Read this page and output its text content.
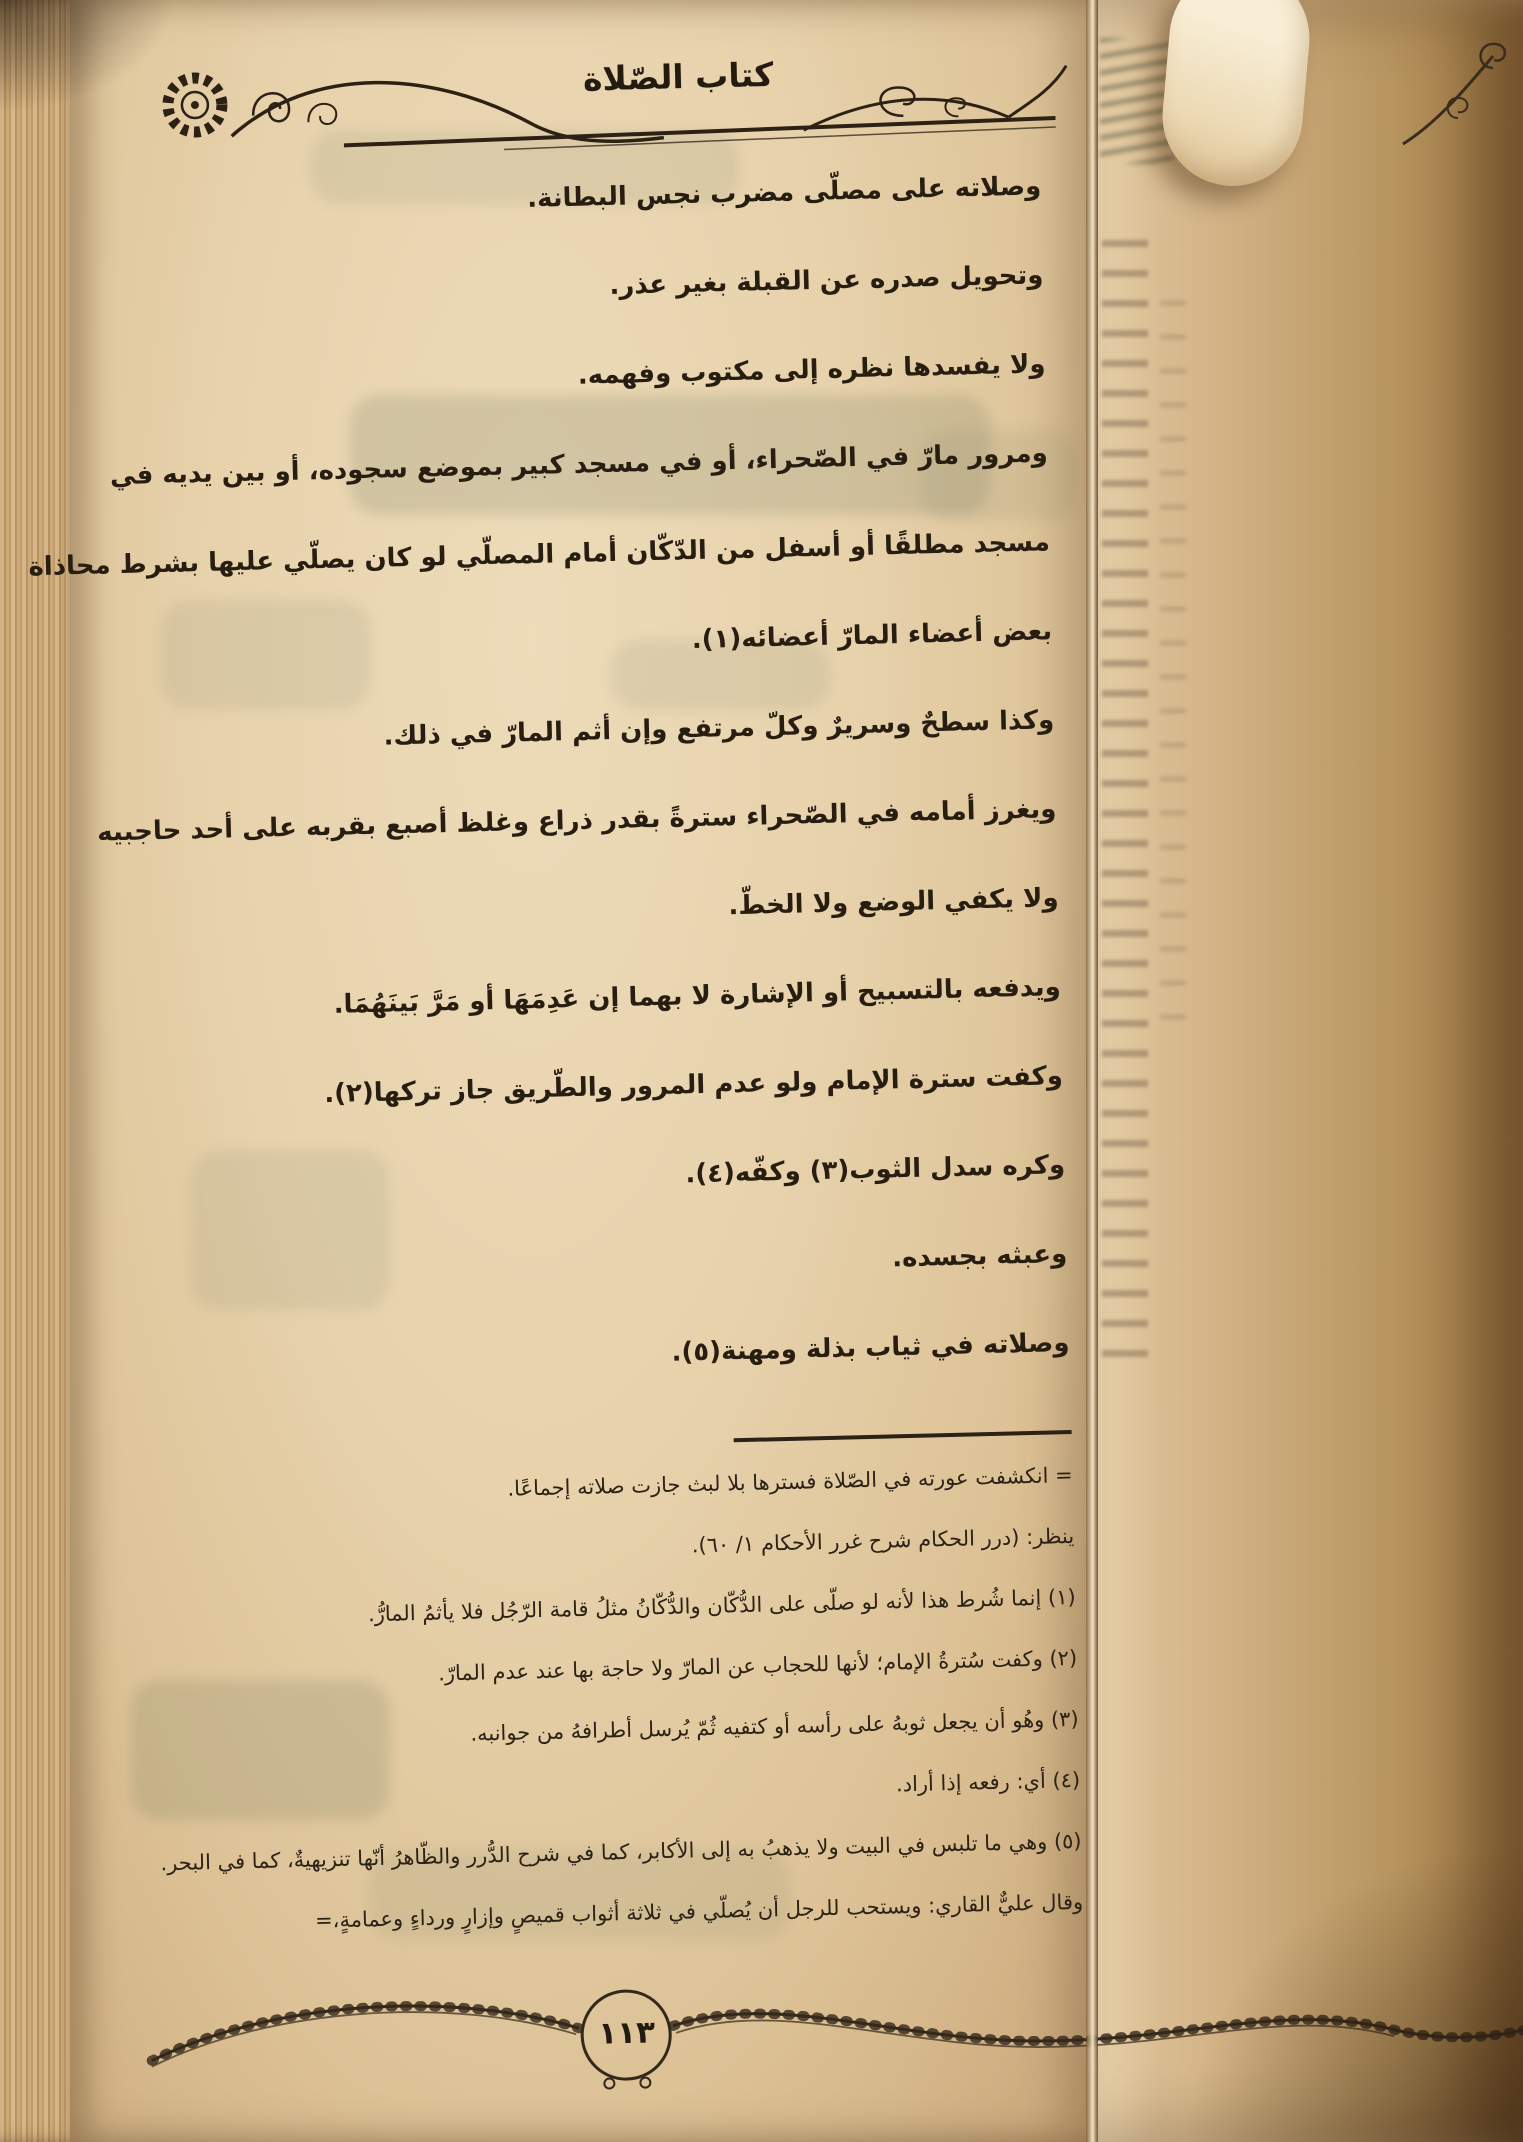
كتاب الصّلاة
وصلاته على مصلّى مضرب نجس البطانة.
وتحويل صدره عن القبلة بغير عذر.
ولا يفسدها نظره إلى مكتوب وفهمه.
ومرور مارّ في الصّحراء، أو في مسجد كبير بموضع سجوده، أو بين يديه في
مسجد مطلقًا أو أسفل من الدّكّان أمام المصلّي لو كان يصلّي عليها بشرط محاذاة
بعض أعضاء المارّ أعضائه(١).
وكذا سطحٌ وسريرٌ وكلّ مرتفع وإن أثم المارّ في ذلك.
ويغرز أمامه في الصّحراء سترةً بقدر ذراع وغلظ أصبع بقربه على أحد حاجبيه
ولا يكفي الوضع ولا الخطّ.
ويدفعه بالتسبيح أو الإشارة لا بهما إن عَدِمَهَا أو مَرَّ بَينَهُمَا.
وكفت سترة الإمام ولو عدم المرور والطّريق جاز تركها(٢).
وكره سدل الثوب(٣) وكفّه(٤).
وعبثه بجسده.
وصلاته في ثياب بذلة ومهنة(٥).
= انكشفت عورته في الصّلاة فسترها بلا لبث جازت صلاته إجماعًا.
ينظر: (درر الحكام شرح غرر الأحكام ١/ ٦٠).
(١) إنما شُرط هذا لأنه لو صلّى على الدُّكّان والدُّكّانُ مثلُ قامة الرّجُل فلا يأثمُ المارُّ.
(٢) وكفت سُترةُ الإمام؛ لأنها للحجاب عن المارّ ولا حاجة بها عند عدم المارّ.
(٣) وهُو أن يجعل ثوبهُ على رأسه أو كتفيه ثُمّ يُرسل أطرافهُ من جوانبه.
(٤) أي: رفعه إذا أراد.
(٥) وهي ما تلبس في البيت ولا يذهبُ به إلى الأكابر، كما في شرح الدُّرر والظّاهرُ أنّها تنزيهيةٌ، كما في البحر.
وقال عليٌّ القاري: ويستحب للرجل أن يُصلّي في ثلاثة أثواب قميصٍ وإزارٍ ورداءٍ وعمامةٍ،=
١١٣
